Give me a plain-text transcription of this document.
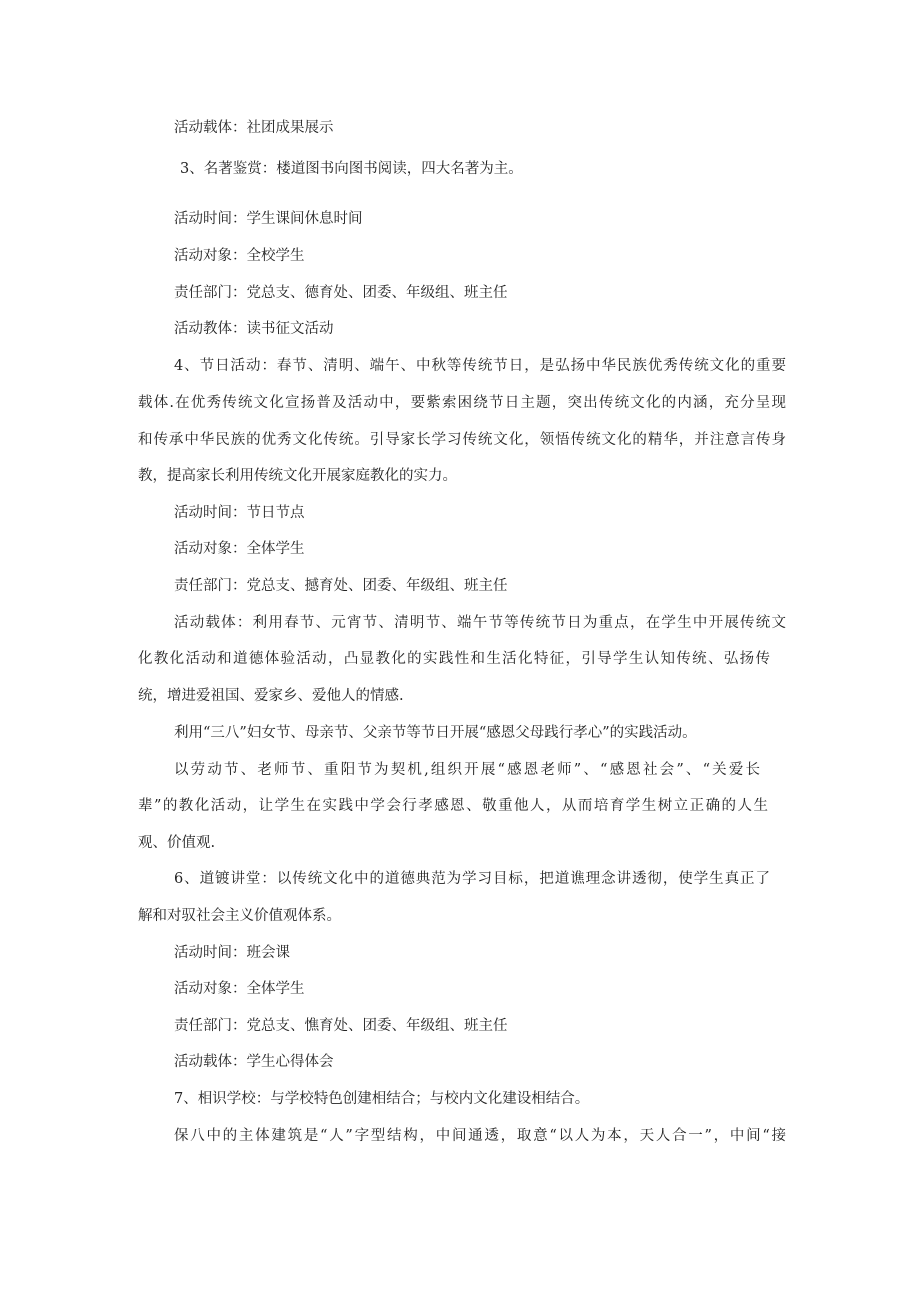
活动载体：社团成果展示
3、名著鉴赏：楼道图书向图书阅读，四大名著为主。
活动时间：学生课间休息时间
活动对象：全校学生
责任部门：党总支、德育处、团委、年级组、班主任
活动教体：读书征文活动
4、节日活动：春节、清明、端午、中秋等传统节日，是弘扬中华民族优秀传统文化的重要
载体.在优秀传统文化宣扬普及活动中，要紫索困绕节日主题，突出传统文化的内涵，充分呈现
和传承中华民族的优秀文化传统。引导家长学习传统文化，领悟传统文化的精华，并注意言传身
教，提高家长利用传统文化开展家庭教化的实力。
活动时间：节日节点
活动对象：全体学生
责任部门：党总支、撼育处、团委、年级组、班主任
活动载体：利用春节、元宵节、清明节、端午节等传统节日为重点，在学生中开展传统文
化教化活动和道德体验活动，凸显教化的实践性和生活化特征，引导学生认知传统、弘扬传
统，增进爱祖国、爱家乡、爱他人的情感.
利用“三八”妇女节、母亲节、父亲节等节日开展“感恩父母践行孝心”的实践活动。
以劳动节、老师节、重阳节为契机,组织开展“感恩老师”、“感恩社会”、“关爱长
辈”的教化活动，让学生在实践中学会行孝感恩、敬重他人，从而培育学生树立正确的人生
观、价值观.
6、道镀讲堂：以传统文化中的道德典范为学习目标，把道谯理念讲透彻，使学生真正了
解和对驭社会主义价值观体系。
活动时间：班会课
活动对象：全体学生
责任部门：党总支、憔育处、团委、年级组、班主任
活动载体：学生心得体会
7、相识学校：与学校特色创建相结合；与校内文化建设相结合。
保八中的主体建筑是“人”字型结构，中间通透，取意“以人为本，天人合一”，中间“接
